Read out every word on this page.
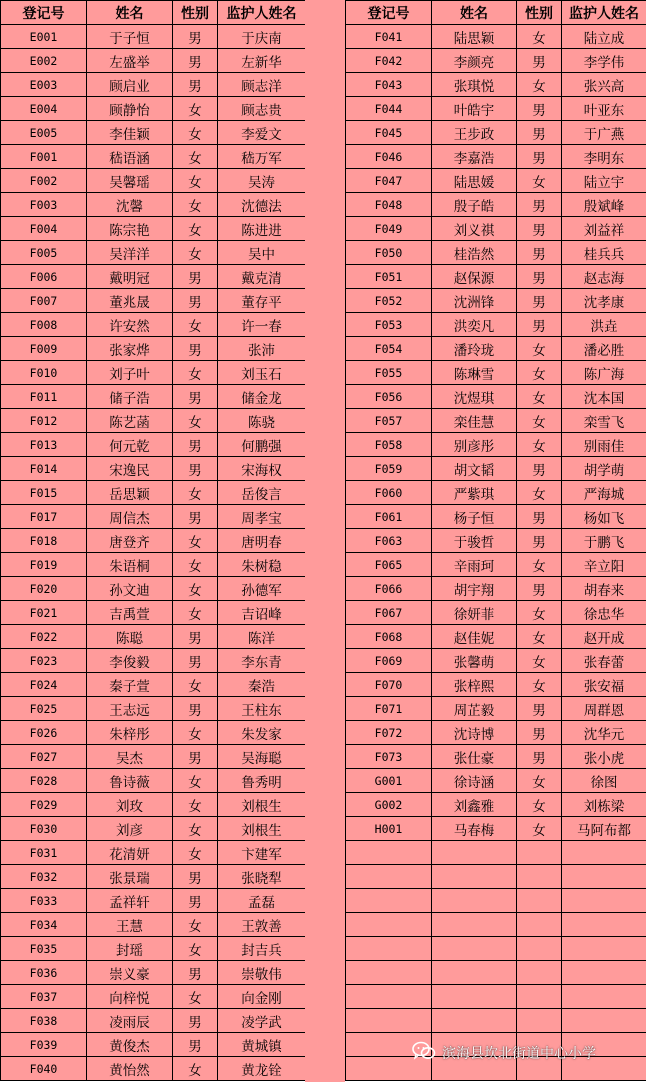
登记号	姓名	性别	监护人姓名
E001	于子恒	男	于庆南
E002	左盛举	男	左新华
E003	顾启业	男	顾志洋
E004	顾静怡	女	顾志贵
E005	李佳颖	女	李爱文
F001	嵇语涵	女	嵇万军
F002	吴馨瑶	女	吴涛
F003	沈馨	女	沈德法
F004	陈宗艳	女	陈进进
F005	吴洋洋	女	吴中
F006	戴明冠	男	戴克清
F007	董兆晟	男	董存平
F008	许安然	女	许一春
F009	张家烨	男	张沛
F010	刘子叶	女	刘玉石
F011	储子浩	男	储金龙
F012	陈艺菡	女	陈骁
F013	何元乾	男	何鹏强
F014	宋逸民	男	宋海权
F015	岳思颖	女	岳俊言
F017	周信杰	男	周孝宝
F018	唐登齐	女	唐明春
F019	朱语桐	女	朱树稳
F020	孙文迪	女	孙德军
F021	吉禹萱	女	吉诏峰
F022	陈聪	男	陈洋
F023	李俊毅	男	李东青
F024	秦子萱	女	秦浩
F025	王志远	男	王柱东
F026	朱梓彤	女	朱发家
F027	吴杰	男	吴海聪
F028	鲁诗薇	女	鲁秀明
F029	刘玫	女	刘根生
F030	刘彦	女	刘根生
F031	花清妍	女	卞建军
F032	张景瑞	男	张晓犁
F033	孟祥轩	男	孟磊
F034	王慧	女	王敦善
F035	封瑶	女	封吉兵
F036	崇义豪	男	崇敬伟
F037	向梓悦	女	向金刚
F038	凌雨辰	男	凌学武
F039	黄俊杰	男	黄城镇
F040	黄怡然	女	黄龙铨
登记号	姓名	性别	监护人姓名
F041	陆思颖	女	陆立成
F042	李颜亮	男	李学伟
F043	张琪悦	女	张兴高
F044	叶皓宇	男	叶亚东
F045	王步政	男	于广燕
F046	李嘉浩	男	李明东
F047	陆思媛	女	陆立宇
F048	殷子皓	男	殷斌峰
F049	刘义祺	男	刘益祥
F050	桂浩然	男	桂兵兵
F051	赵保源	男	赵志海
F052	沈洲锋	男	沈孝康
F053	洪奕凡	男	洪垚
F054	潘玲珑	女	潘必胜
F055	陈琳雪	女	陈广海
F056	沈煜琪	女	沈本国
F057	栾佳慧	女	栾雪飞
F058	别彦彤	女	别雨佳
F059	胡文韬	男	胡学萌
F060	严紫琪	女	严海城
F061	杨子恒	男	杨如飞
F063	于骏哲	男	于鹏飞
F065	辛雨珂	女	辛立阳
F066	胡宇翔	男	胡春来
F067	徐妍菲	女	徐忠华
F068	赵佳妮	女	赵开成
F069	张馨萌	女	张春蕾
F070	张梓熙	女	张安福
F071	周芷毅	男	周群恩
F072	沈诗博	男	沈华元
F073	张仕豪	男	张小虎
G001	徐诗涵	女	徐图
G002	刘鑫雅	女	刘栋梁
H001	马春梅	女	马阿布都

滨海县坎北街道中心小学
